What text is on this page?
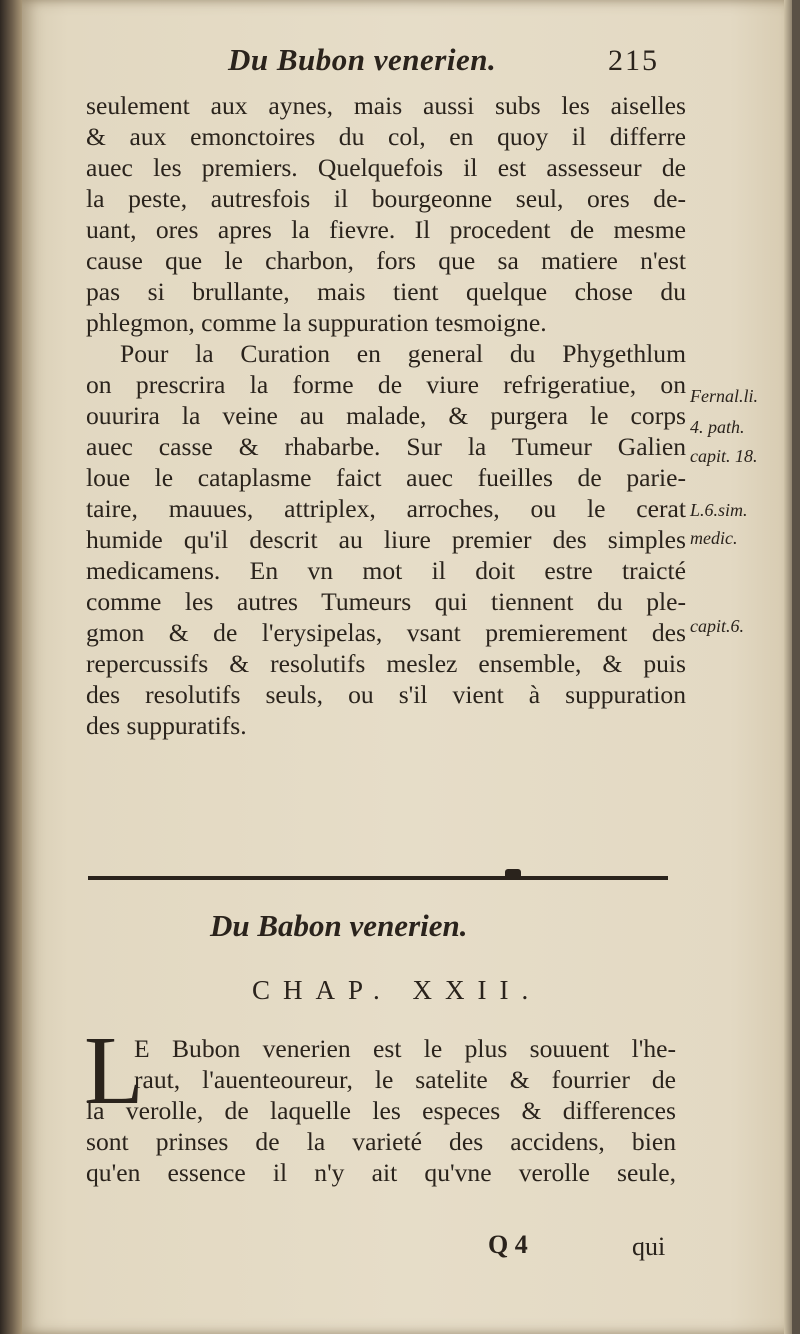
Du Bubon venerien.	215
seulement aux aynes, mais aussi subs les aiselles
& aux emonctoires du col, en quoy il differre
auec les premiers. Quelquefois il est assesseur de
la peste, autresfois il bourgeonne seul, ores de-
uant, ores apres la fievre. Il procedent de mesme
cause que le charbon, fors que sa matiere n'est
pas si brullante, mais tient quelque chose du
phlegmon, comme la suppuration tesmoigne.
Pour la Curation en general du Phygethlum
on prescrira la forme de viure refrigeratiue, on
ouurira la veine au malade, & purgera le corps
auec casse & rhabarbe. Sur la Tumeur Galien
loue le cataplasme faict auec fueilles de parie-
taire, mauues, attriplex, arroches, ou le cerat
humide qu'il descrit au liure premier des simples
medicamens. En vn mot il doit estre traicté
comme les autres Tumeurs qui tiennent du ple-
gmon & de l'erysipelas, vsant premierement des
repercussifs & resolutifs meslez ensemble, & puis
des resolutifs seuls, ou s'il vient à suppuration
des suppuratifs.
Fernal.li.
4. path.
capit. 18.
L.6.sim.
medic.
capit.6.
Du Babon venerien.
CHAP. XXII.
L
E Bubon venerien est le plus souuent l'he-
raut, l'auenteoureur, le satelite & fourrier de
la verolle, de laquelle les especes & differences
sont prinses de la varieté des accidens, bien
qu'en essence il n'y ait qu'vne verolle seule,
Q 4	qui
